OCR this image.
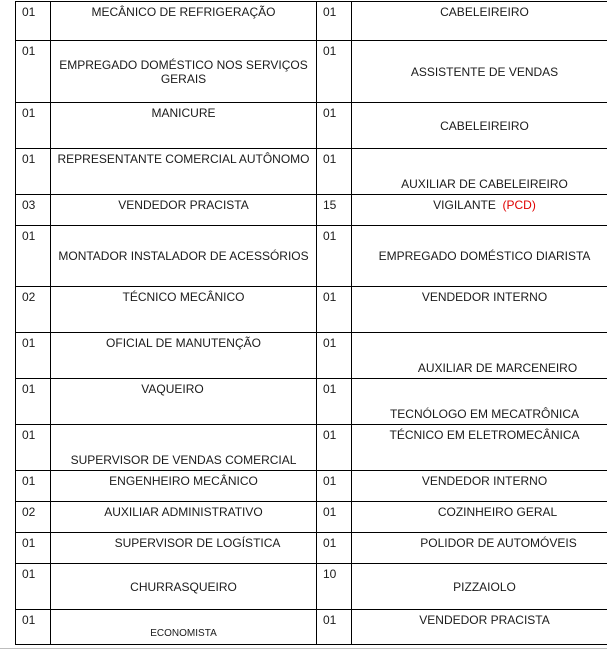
01	MECÂNICO DE REFRIGERAÇÃO	01	CABELEIREIRO
01	EMPREGADO DOMÉSTICO NOS SERVIÇOS GERAIS	01	ASSISTENTE DE VENDAS
01	MANICURE	01	CABELEIREIRO
01	REPRESENTANTE COMERCIAL AUTÔNOMO	01	AUXILIAR DE CABELEIREIRO
03	VENDEDOR PRACISTA	15	VIGILANTE (PCD)
01	MONTADOR INSTALADOR DE ACESSÓRIOS	01	EMPREGADO DOMÉSTICO DIARISTA
02	TÉCNICO MECÂNICO	01	VENDEDOR INTERNO
01	OFICIAL DE MANUTENÇÃO	01	AUXILIAR DE MARCENEIRO
01	VAQUEIRO	01	TECNÓLOGO EM MECATRÔNICA
01	SUPERVISOR DE VENDAS COMERCIAL	01	TÉCNICO EM ELETROMECÂNICA
01	ENGENHEIRO MECÂNICO	01	VENDEDOR INTERNO
02	AUXILIAR ADMINISTRATIVO	01	COZINHEIRO GERAL
01	SUPERVISOR DE LOGÍSTICA	01	POLIDOR DE AUTOMÓVEIS
01	CHURRASQUEIRO	10	PIZZAIOLO
01	ECONOMISTA	01	VENDEDOR PRACISTA
